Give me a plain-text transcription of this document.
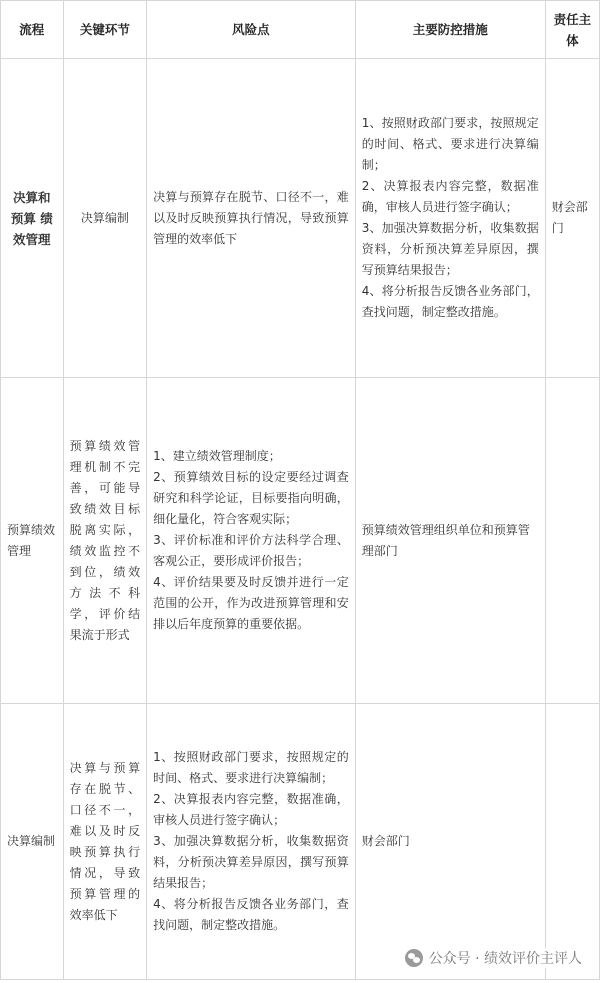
流程	关键环节	风险点	主要防控措施	责任主体
决算和预算 绩效管理	决算编制	决算与预算存在脱节、口径不一，难以及时反映预算执行情况，导致预算管理的效率低下	1、按照财政部门要求，按照规定的时间、格式、要求进行决算编制；
2、决算报表内容完整，数据准确，审核人员进行签字确认；
3、加强决算数据分析，收集数据资料，分析预决算差异原因，撰写预算结果报告；
4、将分析报告反馈各业务部门，查找问题，制定整改措施。	财会部门
预算绩效管理	预算绩效管理机制不完善，可能导致绩效目标脱离实际，绩效监控不到位，绩效方法不科学，评价结果流于形式	1、建立绩效管理制度；
2、预算绩效目标的设定要经过调查研究和科学论证，目标要指向明确，细化量化，符合客观实际；
3、评价标准和评价方法科学合理、客观公正，要形成评价报告；
4、评价结果要及时反馈并进行一定范围的公开，作为改进预算管理和安排以后年度预算的重要依据。	预算绩效管理组织单位和预算管理部门	
决算编制	决算与预算存在脱节、口径不一，难以及时反映预算执行情况，导致预算管理的效率低下	1、按照财政部门要求，按照规定的时间、格式、要求进行决算编制；
2、决算报表内容完整，数据准确，审核人员进行签字确认；
3、加强决算数据分析，收集数据资料，分析预决算差异原因，撰写预算结果报告；
4、将分析报告反馈各业务部门，查找问题，制定整改措施。	财会部门	
公众号 · 绩效评价主评人
